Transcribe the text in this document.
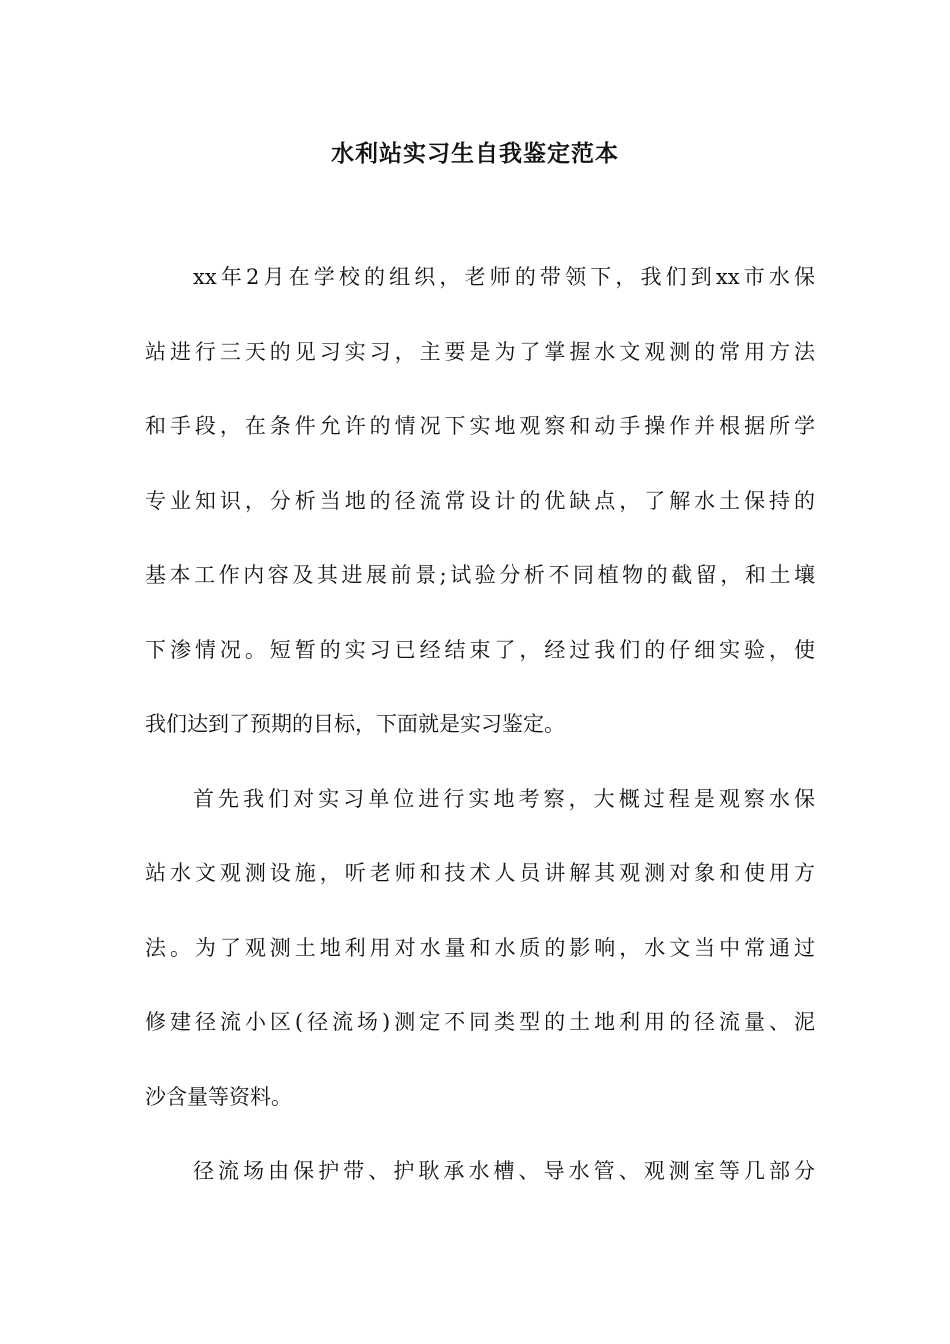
水利站实习生自我鉴定范本
xx年2月在学校的组织，老师的带领下，我们到xx市水保
站进行三天的见习实习，主要是为了掌握水文观测的常用方法
和手段，在条件允许的情况下实地观察和动手操作并根据所学
专业知识，分析当地的径流常设计的优缺点，了解水土保持的
基本工作内容及其进展前景;试验分析不同植物的截留，和土壤
下渗情况。短暂的实习已经结束了，经过我们的仔细实验，使
我们达到了预期的目标，下面就是实习鉴定。
首先我们对实习单位进行实地考察，大概过程是观察水保
站水文观测设施，听老师和技术人员讲解其观测对象和使用方
法。为了观测土地利用对水量和水质的影响，水文当中常通过
修建径流小区(径流场)测定不同类型的土地利用的径流量、泥
沙含量等资料。
径流场由保护带、护耿承水槽、导水管、观测室等几部分
